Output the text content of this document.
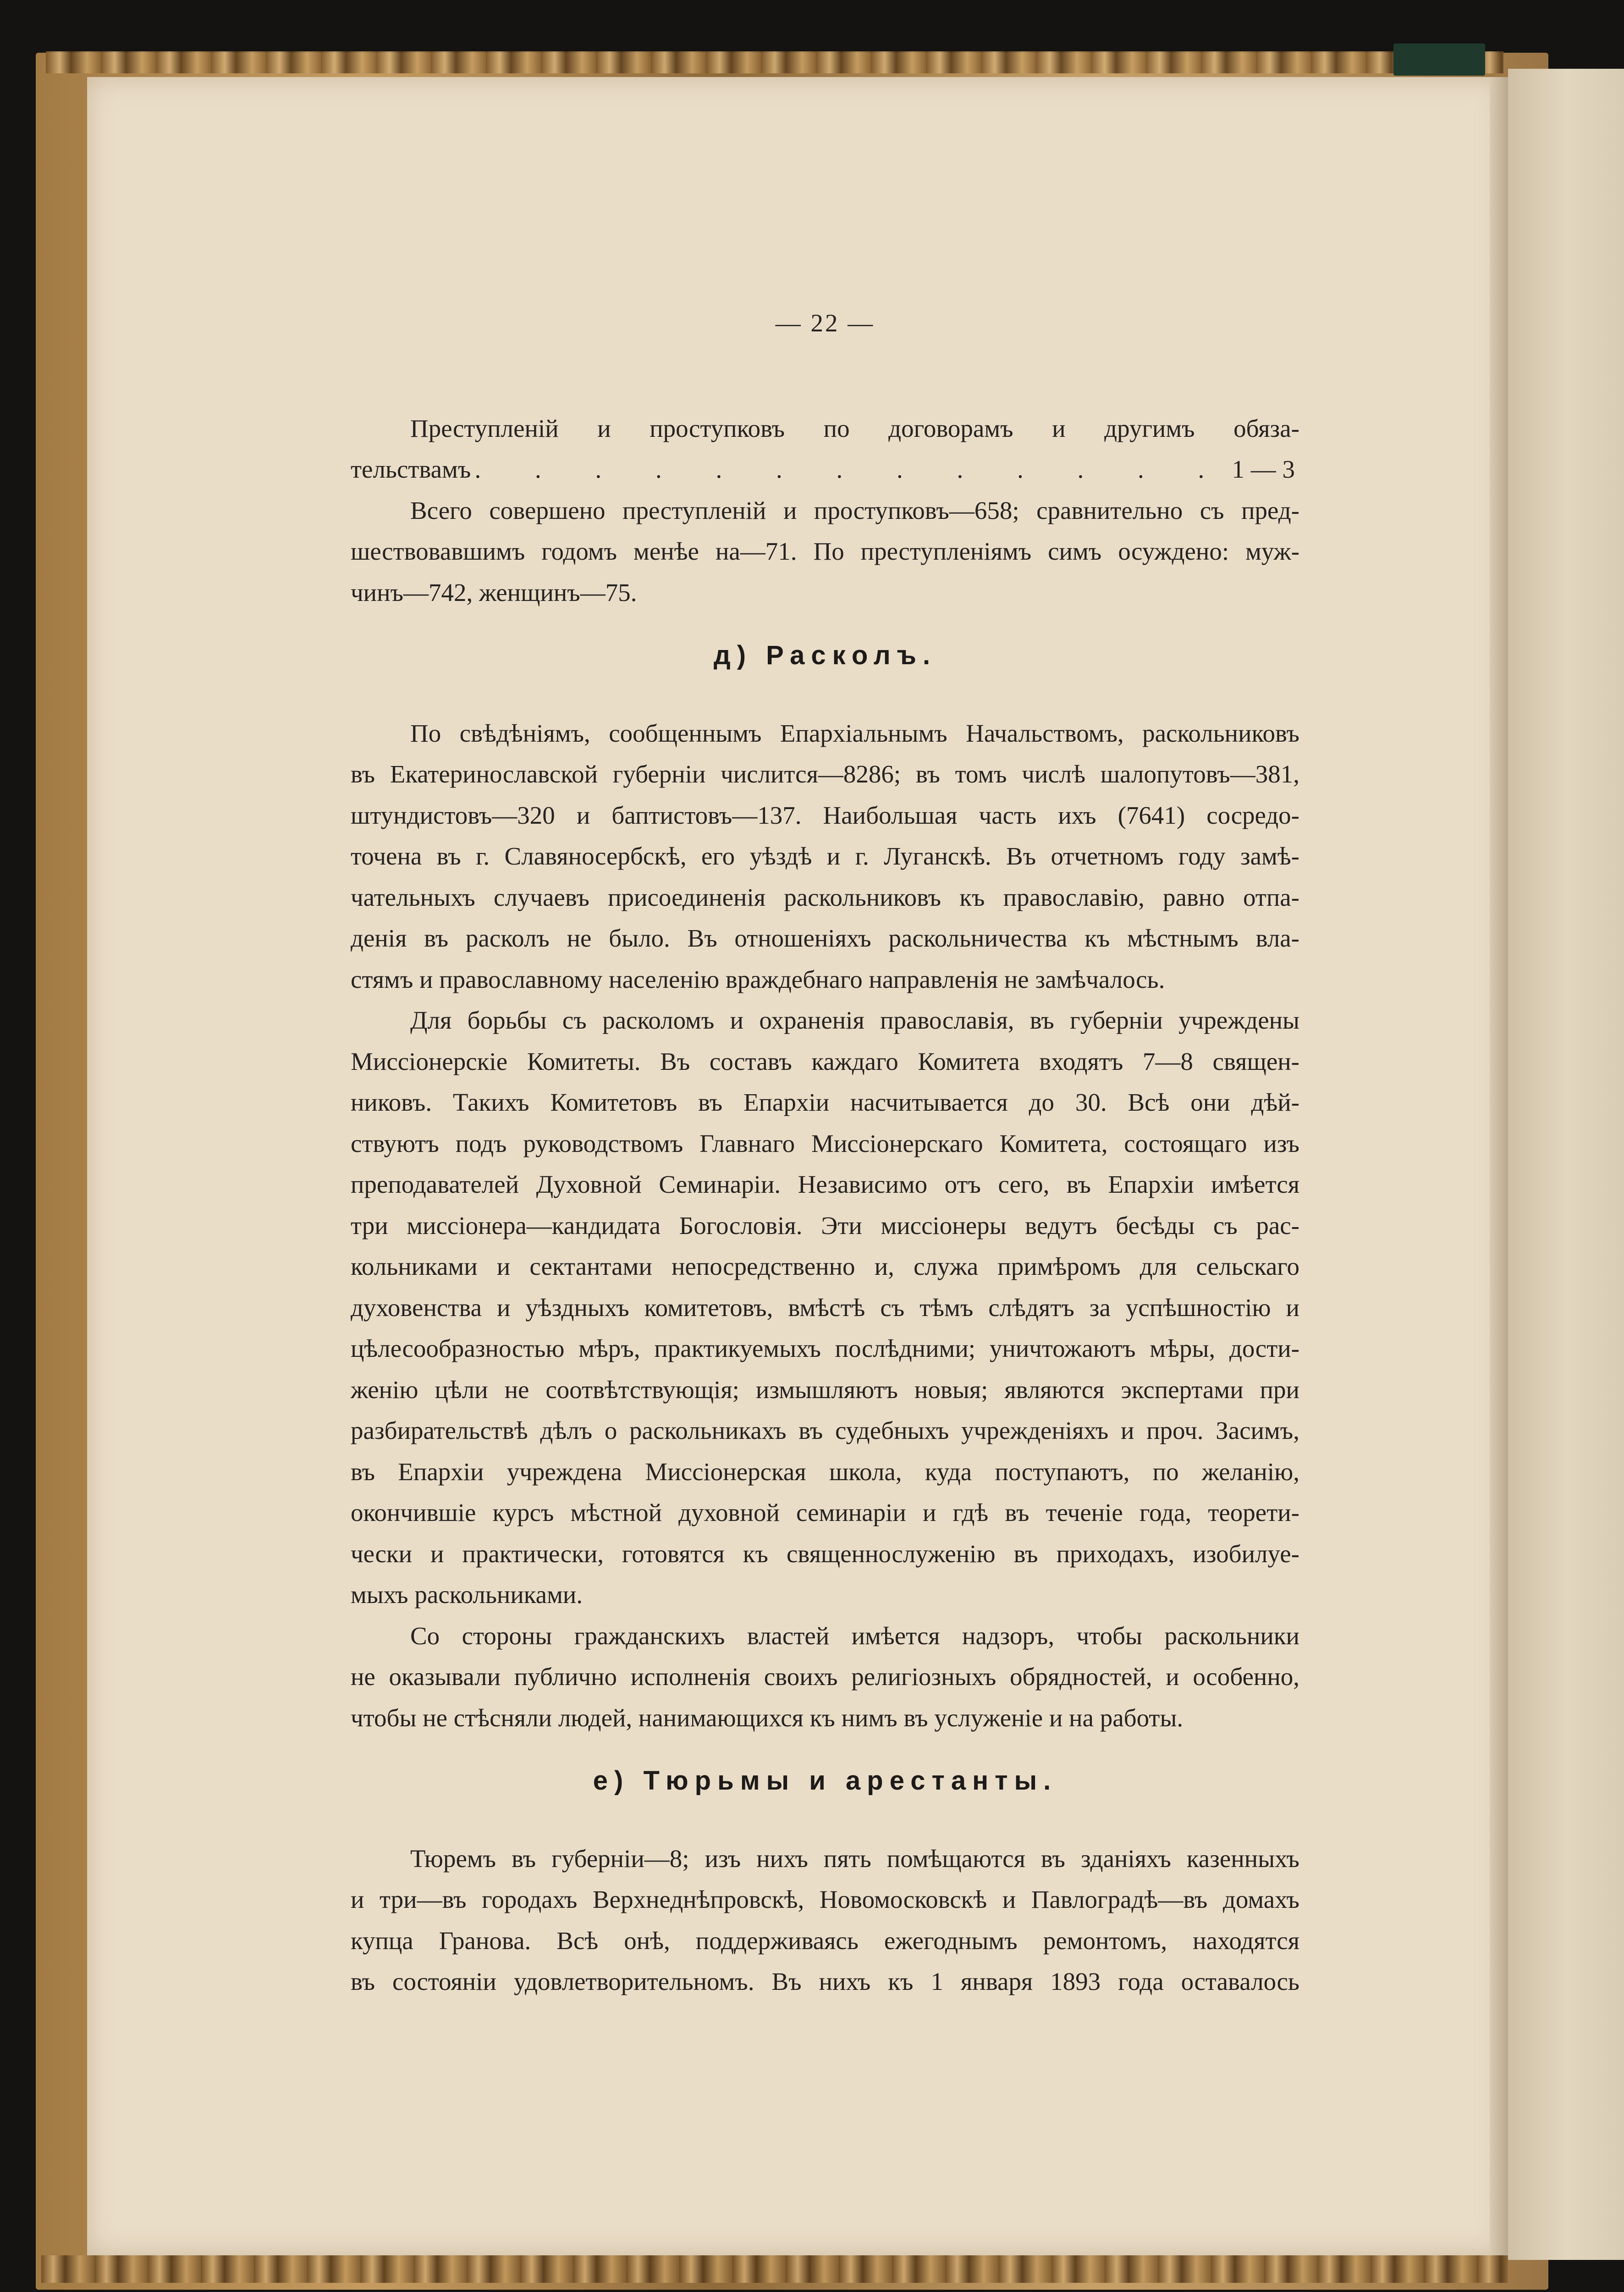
— 22 —

Преступленій и проступковъ по договорамъ и другимъ обяза-

тельствамъ . . . . . . . . . . . . . 1 — 3

Всего совершено преступленій и проступковъ—658; сравнительно съ пред-

шествовавшимъ годомъ менѣе на—71. По преступленіямъ симъ осуждено: муж-

чинъ—742, женщинъ—75.

д) Расколъ.

По свѣдѣніямъ, сообщеннымъ Епархіальнымъ Начальствомъ, раскольниковъ

въ Екатеринославской губерніи числится—8286; въ томъ числѣ шалопутовъ—381,

штундистовъ—320 и баптистовъ—137. Наибольшая часть ихъ (7641) сосредо-

точена въ г. Славяносербскѣ, его уѣздѣ и г. Луганскѣ. Въ отчетномъ году замѣ-

чательныхъ случаевъ присоединенія раскольниковъ къ православію, равно отпа-

денія въ расколъ не было. Въ отношеніяхъ раскольничества къ мѣстнымъ вла-

стямъ и православному населенію враждебнаго направленія не замѣчалось.

Для борьбы съ расколомъ и охраненія православія, въ губерніи учреждены

Миссіонерскіе Комитеты. Въ составъ каждаго Комитета входятъ 7—8 священ-

никовъ. Такихъ Комитетовъ въ Епархіи насчитывается до 30. Всѣ они дѣй-

ствуютъ подъ руководствомъ Главнаго Миссіонерскаго Комитета, состоящаго изъ

преподавателей Духовной Семинаріи. Независимо отъ сего, въ Епархіи имѣется

три миссіонера—кандидата Богословія. Эти миссіонеры ведутъ бесѣды съ рас-

кольниками и сектантами непосредственно и, служа примѣромъ для сельскаго

духовенства и уѣздныхъ комитетовъ, вмѣстѣ съ тѣмъ слѣдятъ за успѣшностію и

цѣлесообразностью мѣръ, практикуемыхъ послѣдними; уничтожаютъ мѣры, дости-

женію цѣли не соотвѣтствующія; измышляютъ новыя; являются экспертами при

разбирательствѣ дѣлъ о раскольникахъ въ судебныхъ учрежденіяхъ и проч. Засимъ,

въ Епархіи учреждена Миссіонерская школа, куда поступаютъ, по желанію,

окончившіе курсъ мѣстной духовной семинаріи и гдѣ въ теченіе года, теорети-

чески и практически, готовятся къ священнослуженію въ приходахъ, изобилуе-

мыхъ раскольниками.

Со стороны гражданскихъ властей имѣется надзоръ, чтобы раскольники

не оказывали публично исполненія своихъ религіозныхъ обрядностей, и особенно,

чтобы не стѣсняли людей, нанимающихся къ нимъ въ услуженіе и на работы.

е) Тюрьмы и арестанты.

Тюремъ въ губерніи—8; изъ нихъ пять помѣщаются въ зданіяхъ казенныхъ

и три—въ городахъ Верхнеднѣпровскѣ, Новомосковскѣ и Павлоградѣ—въ домахъ

купца Гранова. Всѣ онѣ, поддерживаясь ежегоднымъ ремонтомъ, находятся

въ состояніи удовлетворительномъ. Въ нихъ къ 1 января 1893 года оставалось
